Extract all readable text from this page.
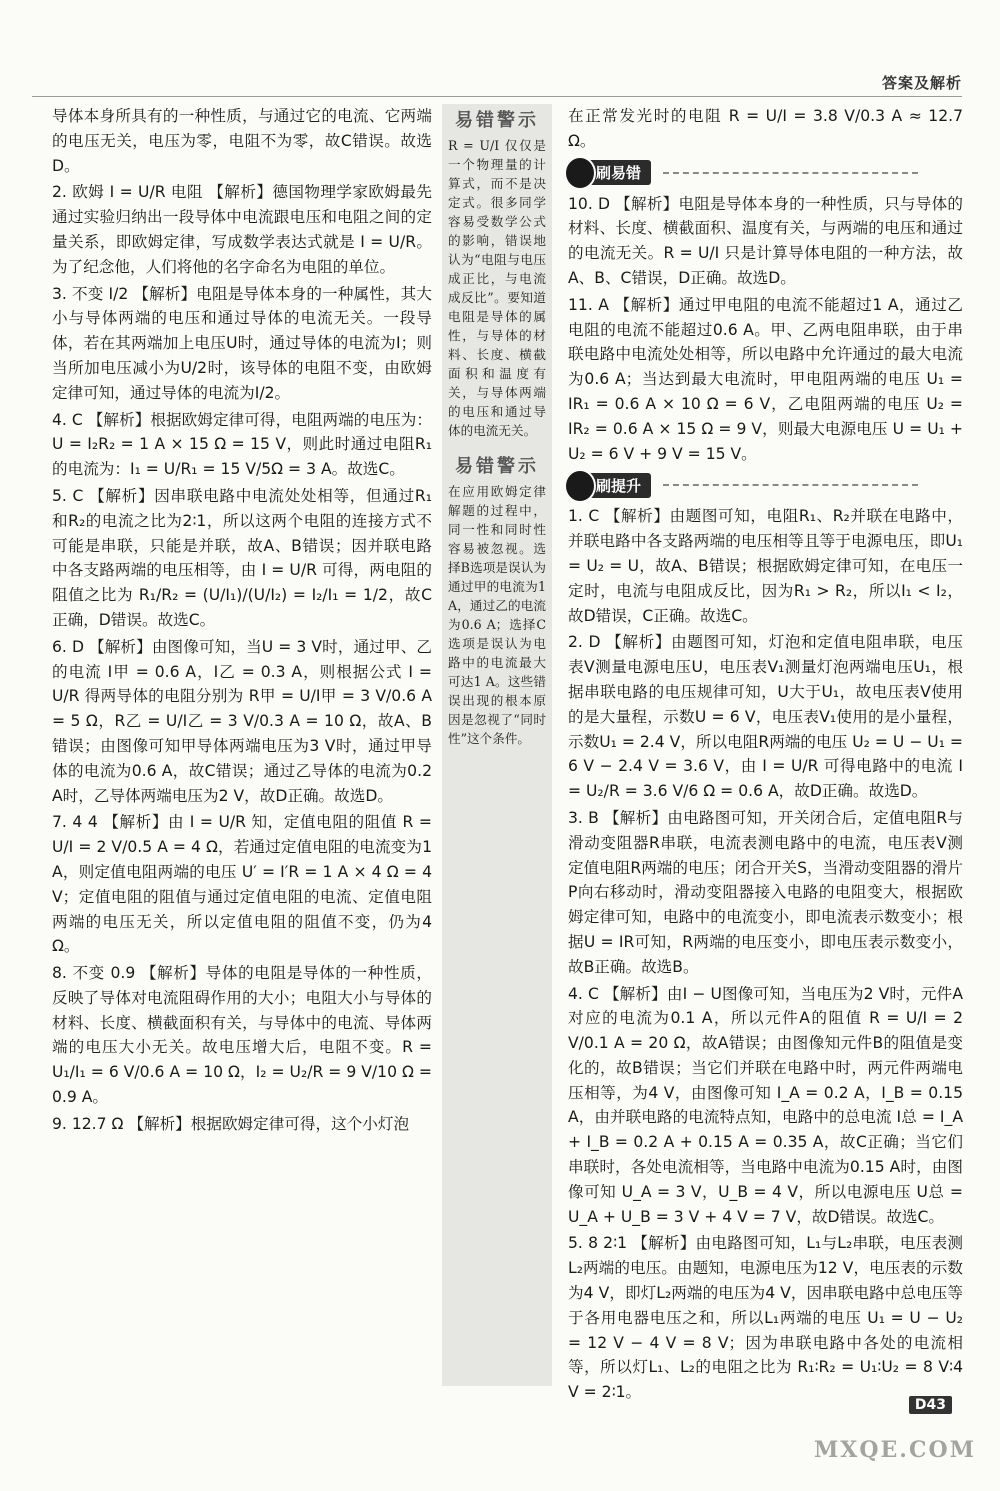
答案及解析

导体本身所具有的一种性质，与通过它的电流、它两端的电压无关，电压为零，电阻不为零，故C错误。故选D。

2. 欧姆 I = U/R 电阻 【解析】德国物理学家欧姆最先通过实验归纳出一段导体中电流跟电压和电阻之间的定量关系，即欧姆定律，写成数学表达式就是 I = U/R。为了纪念他，人们将他的名字命名为电阻的单位。

3. 不变 I/2 【解析】电阻是导体本身的一种属性，其大小与导体两端的电压和通过导体的电流无关。一段导体，若在其两端加上电压U时，通过导体的电流为I；则当所加电压减小为U/2时，该导体的电阻不变，由欧姆定律可知，通过导体的电流为I/2。

4. C 【解析】根据欧姆定律可得，电阻两端的电压为：U = I₂R₂ = 1 A × 15 Ω = 15 V，则此时通过电阻R₁的电流为：I₁ = U/R₁ = 15 V/5Ω = 3 A。故选C。

5. C 【解析】因串联电路中电流处处相等，但通过R₁和R₂的电流之比为2∶1，所以这两个电阻的连接方式不可能是串联，只能是并联，故A、B错误；因并联电路中各支路两端的电压相等，由 I = U/R 可得，两电阻的阻值之比为 R₁/R₂ = (U/I₁)/(U/I₂) = I₂/I₁ = 1/2，故C正确，D错误。故选C。

6. D 【解析】由图像可知，当U = 3 V时，通过甲、乙的电流 I甲 = 0.6 A，I乙 = 0.3 A，则根据公式 I = U/R 得两导体的电阻分别为 R甲 = U/I甲 = 3 V/0.6 A = 5 Ω，R乙 = U/I乙 = 3 V/0.3 A = 10 Ω，故A、B错误；由图像可知甲导体两端电压为3 V时，通过甲导体的电流为0.6 A，故C错误；通过乙导体的电流为0.2 A时，乙导体两端电压为2 V，故D正确。故选D。

7. 4 4 【解析】由 I = U/R 知，定值电阻的阻值 R = U/I = 2 V/0.5 A = 4 Ω，若通过定值电阻的电流变为1 A，则定值电阻两端的电压 U′ = I′R = 1 A × 4 Ω = 4 V；定值电阻的阻值与通过定值电阻的电流、定值电阻两端的电压无关，所以定值电阻的阻值不变，仍为4 Ω。

8. 不变 0.9 【解析】导体的电阻是导体的一种性质，反映了导体对电流阻碍作用的大小；电阻大小与导体的材料、长度、横截面积有关，与导体中的电流、导体两端的电压大小无关。故电压增大后，电阻不变。R = U₁/I₁ = 6 V/0.6 A = 10 Ω，I₂ = U₂/R = 9 V/10 Ω = 0.9 A。

9. 12.7 Ω 【解析】根据欧姆定律可得，这个小灯泡

易错警示

R = U/I 仅仅是一个物理量的计算式，而不是决定式。很多同学容易受数学公式的影响，错误地认为“电阻与电压成正比，与电流成反比”。要知道电阻是导体的属性，与导体的材料、长度、横截面积和温度有关，与导体两端的电压和通过导体的电流无关。

易错警示

在应用欧姆定律解题的过程中，同一性和同时性容易被忽视。选择B选项是误认为通过甲的电流为1 A，通过乙的电流为0.6 A；选择C选项是误认为电路中的电流最大可达1 A。这些错误出现的根本原因是忽视了“同时性”这个条件。

在正常发光时的电阻 R = U/I = 3.8 V/0.3 A ≈ 12.7 Ω。

刷易错

10. D 【解析】电阻是导体本身的一种性质，只与导体的材料、长度、横截面积、温度有关，与两端的电压和通过的电流无关。R = U/I 只是计算导体电阻的一种方法，故A、B、C错误，D正确。故选D。

11. A 【解析】通过甲电阻的电流不能超过1 A，通过乙电阻的电流不能超过0.6 A。甲、乙两电阻串联，由于串联电路中电流处处相等，所以电路中允许通过的最大电流为0.6 A；当达到最大电流时，甲电阻两端的电压 U₁ = IR₁ = 0.6 A × 10 Ω = 6 V，乙电阻两端的电压 U₂ = IR₂ = 0.6 A × 15 Ω = 9 V，则最大电源电压 U = U₁ + U₂ = 6 V + 9 V = 15 V。

刷提升

1. C 【解析】由题图可知，电阻R₁、R₂并联在电路中，并联电路中各支路两端的电压相等且等于电源电压，即U₁ = U₂ = U，故A、B错误；根据欧姆定律可知，在电压一定时，电流与电阻成反比，因为R₁ > R₂，所以I₁ < I₂，故D错误，C正确。故选C。

2. D 【解析】由题图可知，灯泡和定值电阻串联，电压表V测量电源电压U，电压表V₁测量灯泡两端电压U₁，根据串联电路的电压规律可知，U大于U₁，故电压表V使用的是大量程，示数U = 6 V，电压表V₁使用的是小量程，示数U₁ = 2.4 V，所以电阻R两端的电压 U₂ = U − U₁ = 6 V − 2.4 V = 3.6 V，由 I = U/R 可得电路中的电流 I = U₂/R = 3.6 V/6 Ω = 0.6 A，故D正确。故选D。

3. B 【解析】由电路图可知，开关闭合后，定值电阻R与滑动变阻器R串联，电流表测电路中的电流，电压表V测定值电阻R两端的电压；闭合开关S，当滑动变阻器的滑片P向右移动时，滑动变阻器接入电路的电阻变大，根据欧姆定律可知，电路中的电流变小，即电流表示数变小；根据U = IR可知，R两端的电压变小，即电压表示数变小，故B正确。故选B。

4. C 【解析】由I − U图像可知，当电压为2 V时，元件A对应的电流为0.1 A，所以元件A的阻值 R = U/I = 2 V/0.1 A = 20 Ω，故A错误；由图像知元件B的阻值是变化的，故B错误；当它们并联在电路中时，两元件两端电压相等，为4 V，由图像可知 I_A = 0.2 A，I_B = 0.15 A，由并联电路的电流特点知，电路中的总电流 I总 = I_A + I_B = 0.2 A + 0.15 A = 0.35 A，故C正确；当它们串联时，各处电流相等，当电路中电流为0.15 A时，由图像可知 U_A = 3 V，U_B = 4 V，所以电源电压 U总 = U_A + U_B = 3 V + 4 V = 7 V，故D错误。故选C。

5. 8 2∶1 【解析】由电路图可知，L₁与L₂串联，电压表测L₂两端的电压。由题知，电源电压为12 V，电压表的示数为4 V，即灯L₂两端的电压为4 V，因串联电路中总电压等于各用电器电压之和，所以L₁两端的电压 U₁ = U − U₂ = 12 V − 4 V = 8 V；因为串联电路中各处的电流相等，所以灯L₁、L₂的电阻之比为 R₁∶R₂ = U₁∶U₂ = 8 V∶4 V = 2∶1。

D43
MXQE.COM
